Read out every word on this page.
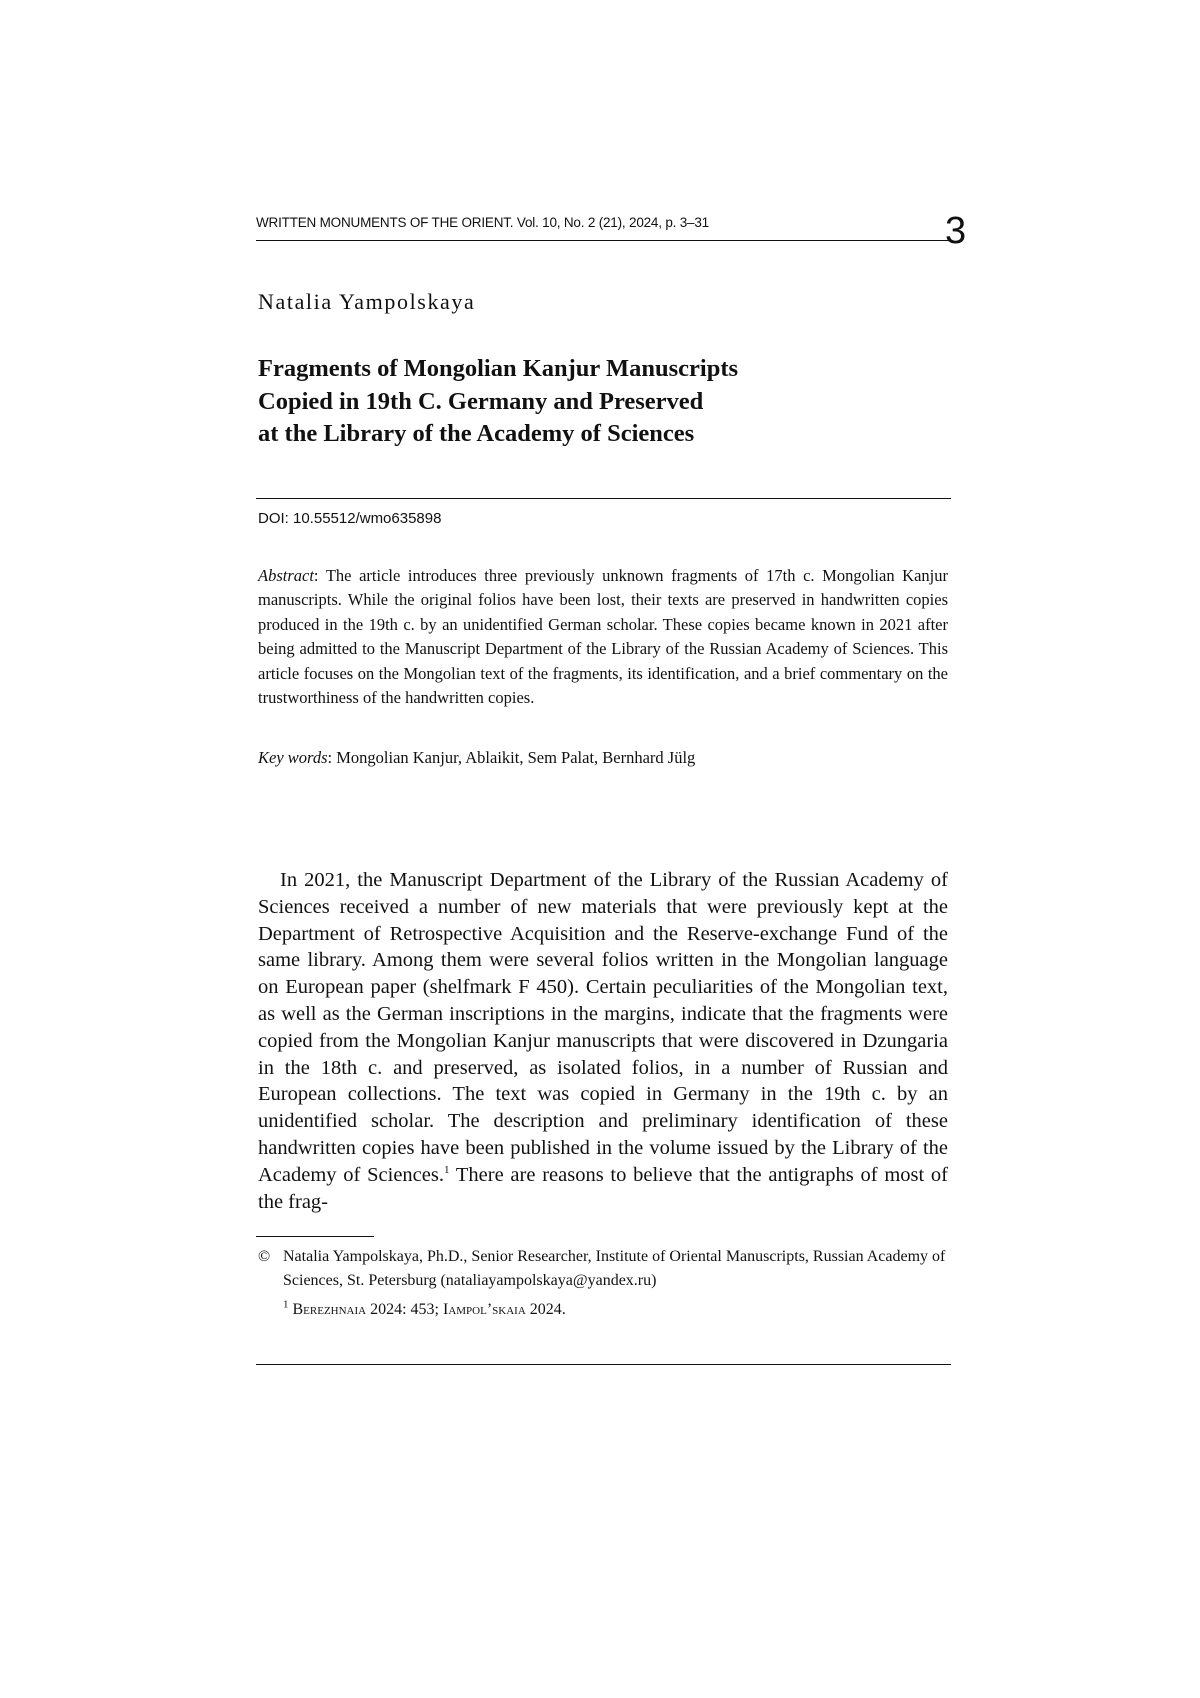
WRITTEN MONUMENTS OF THE ORIENT. Vol. 10, No. 2 (21), 2024, p. 3–31	3
Natalia Yampolskaya
Fragments of Mongolian Kanjur Manuscripts
Copied in 19th C. Germany and Preserved
at the Library of the Academy of Sciences
DOI: 10.55512/wmo635898

Abstract: The article introduces three previously unknown fragments of 17th c. Mongolian Kanjur manuscripts. While the original folios have been lost, their texts are preserved in handwritten copies produced in the 19th c. by an unidentified German scholar. These copies became known in 2021 after being admitted to the Manuscript Department of the Library of the Russian Academy of Sciences. This article focuses on the Mongolian text of the fragments, its identification, and a brief commentary on the trustworthiness of the handwritten copies.

Key words: Mongolian Kanjur, Ablaikit, Sem Palat, Bernhard Jülg

In 2021, the Manuscript Department of the Library of the Russian Academy of Sciences received a number of new materials that were previously kept at the Department of Retrospective Acquisition and the Reserve-exchange Fund of the same library. Among them were several folios written in the Mongolian language on European paper (shelfmark F 450). Certain peculiarities of the Mongolian text, as well as the German inscriptions in the margins, indicate that the fragments were copied from the Mongolian Kanjur manuscripts that were discovered in Dzungaria in the 18th c. and preserved, as isolated folios, in a number of Russian and European collections. The text was copied in Germany in the 19th c. by an unidentified scholar. The description and preliminary identification of these handwritten copies have been published in the volume issued by the Library of the Academy of Sciences.$^1$ There are reasons to believe that the antigraphs of most of the frag-

© Natalia Yampolskaya, Ph.D., Senior Researcher, Institute of Oriental Manuscripts, Russian Academy of Sciences, St. Petersburg (nataliayampolskaya@yandex.ru)

$^1$ Berezhnaia 2024: 453; Iampol’skaia 2024.
